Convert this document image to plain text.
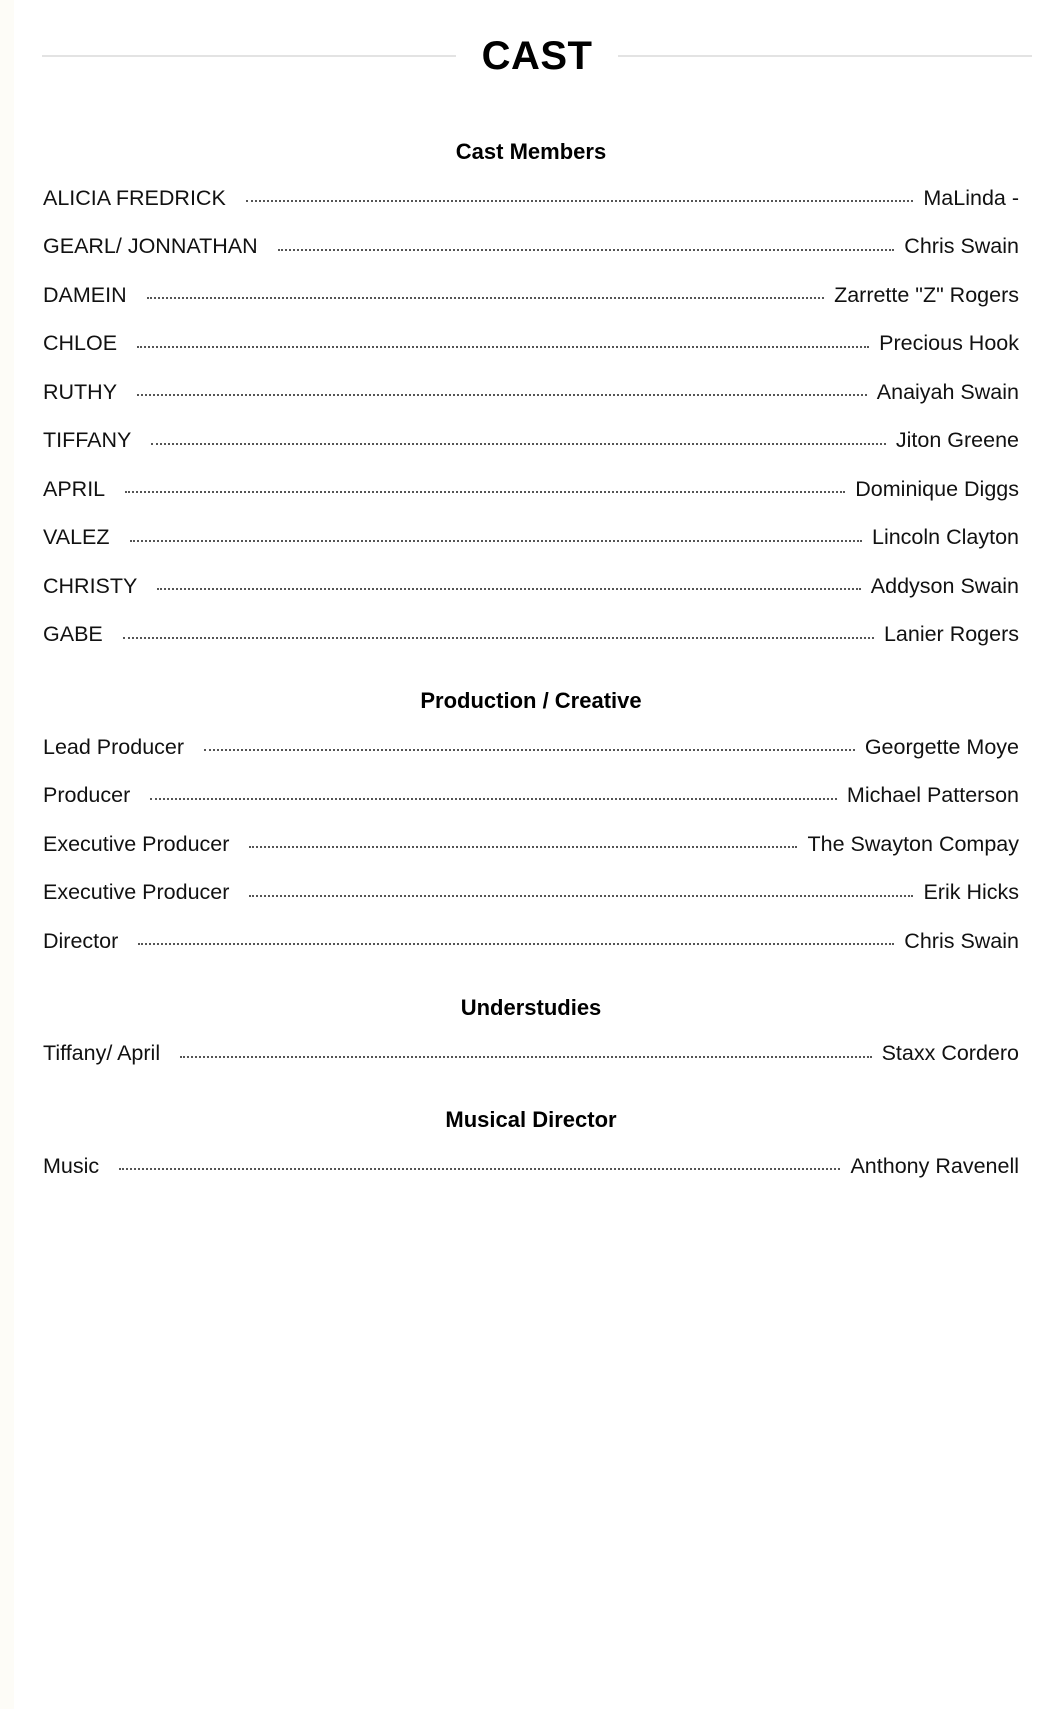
CAST
Cast Members
ALICIA FREDRICK	MaLinda -
GEARL/ JONNATHAN	Chris Swain
DAMEIN	Zarrette "Z" Rogers
CHLOE	Precious Hook
RUTHY	Anaiyah Swain
TIFFANY	Jiton Greene
APRIL	Dominique Diggs
VALEZ	Lincoln Clayton
CHRISTY	Addyson Swain
GABE	Lanier Rogers
Production / Creative
Lead Producer	Georgette Moye
Producer	Michael Patterson
Executive Producer	The Swayton Compay
Executive Producer	Erik Hicks
Director	Chris Swain
Understudies
Tiffany/ April	Staxx Cordero
Musical Director
Music	Anthony Ravenell
